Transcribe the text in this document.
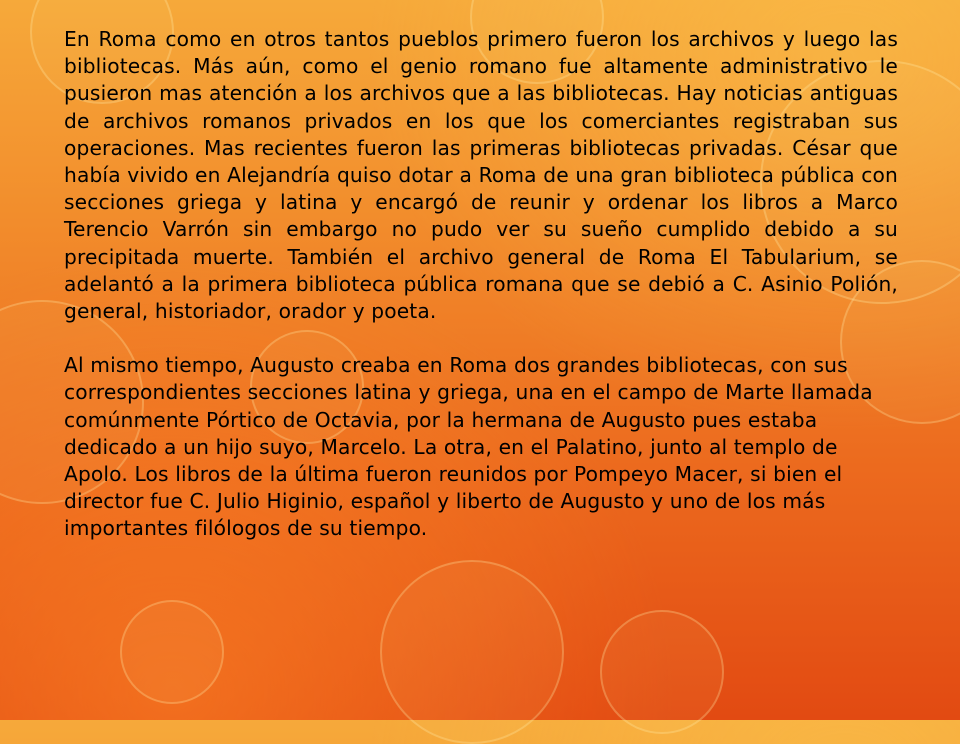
En Roma como en otros tantos pueblos primero fueron los archivos y luego las bibliotecas. Más aún, como el genio romano fue altamente administrativo le pusieron mas atención a los archivos que a las bibliotecas. Hay noticias antiguas de archivos romanos privados en los que los comerciantes registraban sus operaciones. Mas recientes fueron las primeras bibliotecas privadas. César que había vivido en Alejandría quiso dotar a Roma de una gran biblioteca pública con secciones griega y latina y encargó de reunir y ordenar los libros a Marco Terencio Varrón sin embargo no pudo ver su sueño cumplido debido a su precipitada muerte. También el archivo general de Roma El Tabularium, se adelantó a la primera biblioteca pública romana que se debió a C. Asinio Polión, general, historiador, orador y poeta.

Al mismo tiempo, Augusto creaba en Roma dos grandes bibliotecas, con sus correspondientes secciones latina y griega, una en el campo de Marte llamada comúnmente Pórtico de Octavia, por la hermana de Augusto pues estaba dedicado a un hijo suyo, Marcelo. La otra, en el Palatino, junto al templo de Apolo. Los libros de la última fueron reunidos por Pompeyo Macer, si bien el director fue C. Julio Higinio, español y liberto de Augusto y uno de los más importantes filólogos de su tiempo.
